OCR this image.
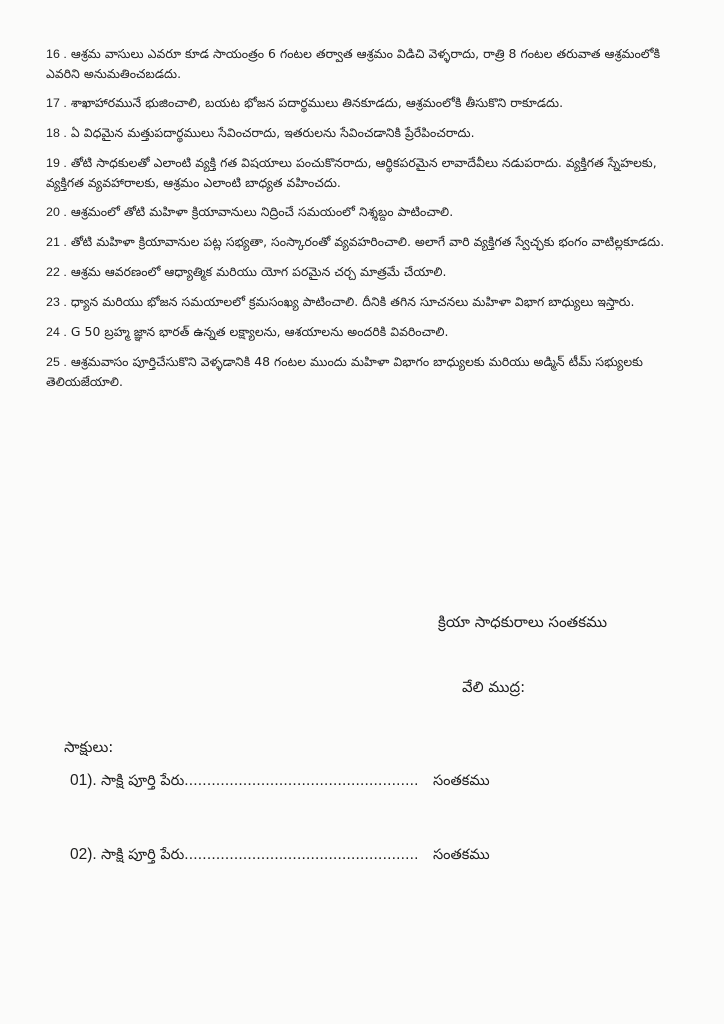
16 . ఆశ్రమ వాసులు ఎవరూ కూడ సాయంత్రం 6 గంటల తర్వాత ఆశ్రమం విడిచి వెళ్ళరాదు, రాత్రి 8 గంటల తరువాత ఆశ్రమంలోకి ఎవరిని అనుమతించబడదు.

17 . శాఖాహారమునే భుజించాలి, బయట భోజన పదార్థములు తినకూడదు, ఆశ్రమంలోకి తీసుకొని రాకూడదు.

18 . ఏ విధమైన మత్తుపదార్థములు సేవించరాదు, ఇతరులను సేవించడానికి ప్రేరేపించరాదు.

19 . తోటి సాధకులతో ఎలాంటి వ్యక్తి గత విషయాలు పంచుకొనరాదు, ఆర్థికపరమైన లావాదేవీలు నడుపరాదు. వ్యక్తిగత స్నేహలకు, వ్యక్తిగత వ్యవహారాలకు, ఆశ్రమం ఎలాంటి బాధ్యత వహించదు.

20 . ఆశ్రమంలో తోటి మహిళా క్రియావానులు నిద్రించే సమయంలో నిశ్శబ్దం పాటించాలి.

21 . తోటి మహిళా క్రియావానుల పట్ల సభ్యతా, సంస్కారంతో వ్యవహరించాలి. అలాగే వారి వ్యక్తిగత స్వేచ్ఛకు భంగం వాటిల్లకూడదు.

22 . ఆశ్రమ ఆవరణంలో ఆధ్యాత్మిక మరియు యోగ పరమైన చర్చ మాత్రమే చేయాలి.

23 . ధ్యాన మరియు భోజన సమయాలలో క్రమసంఖ్య పాటించాలి. దీనికి తగిన సూచనలు మహిళా విభాగ బాధ్యులు ఇస్తారు.

24 . G 50 బ్రహ్మ జ్ఞాన భారత్ ఉన్నత లక్ష్యాలను, ఆశయాలను అందరికి వివరించాలి.

25 . ఆశ్రమవాసం పూర్తిచేసుకొని వెళ్ళడానికి 48 గంటల ముందు మహిళా విభాగం బాధ్యులకు మరియు అడ్మిన్ టీమ్ సభ్యులకు తెలియజేయాలి.

క్రియా సాధకురాలు సంతకము
వేలి ముద్ర:
సాక్షులు:
01). సాక్షి పూర్తి పేరు.................................................... సంతకము
02). సాక్షి పూర్తి పేరు.................................................... సంతకము
